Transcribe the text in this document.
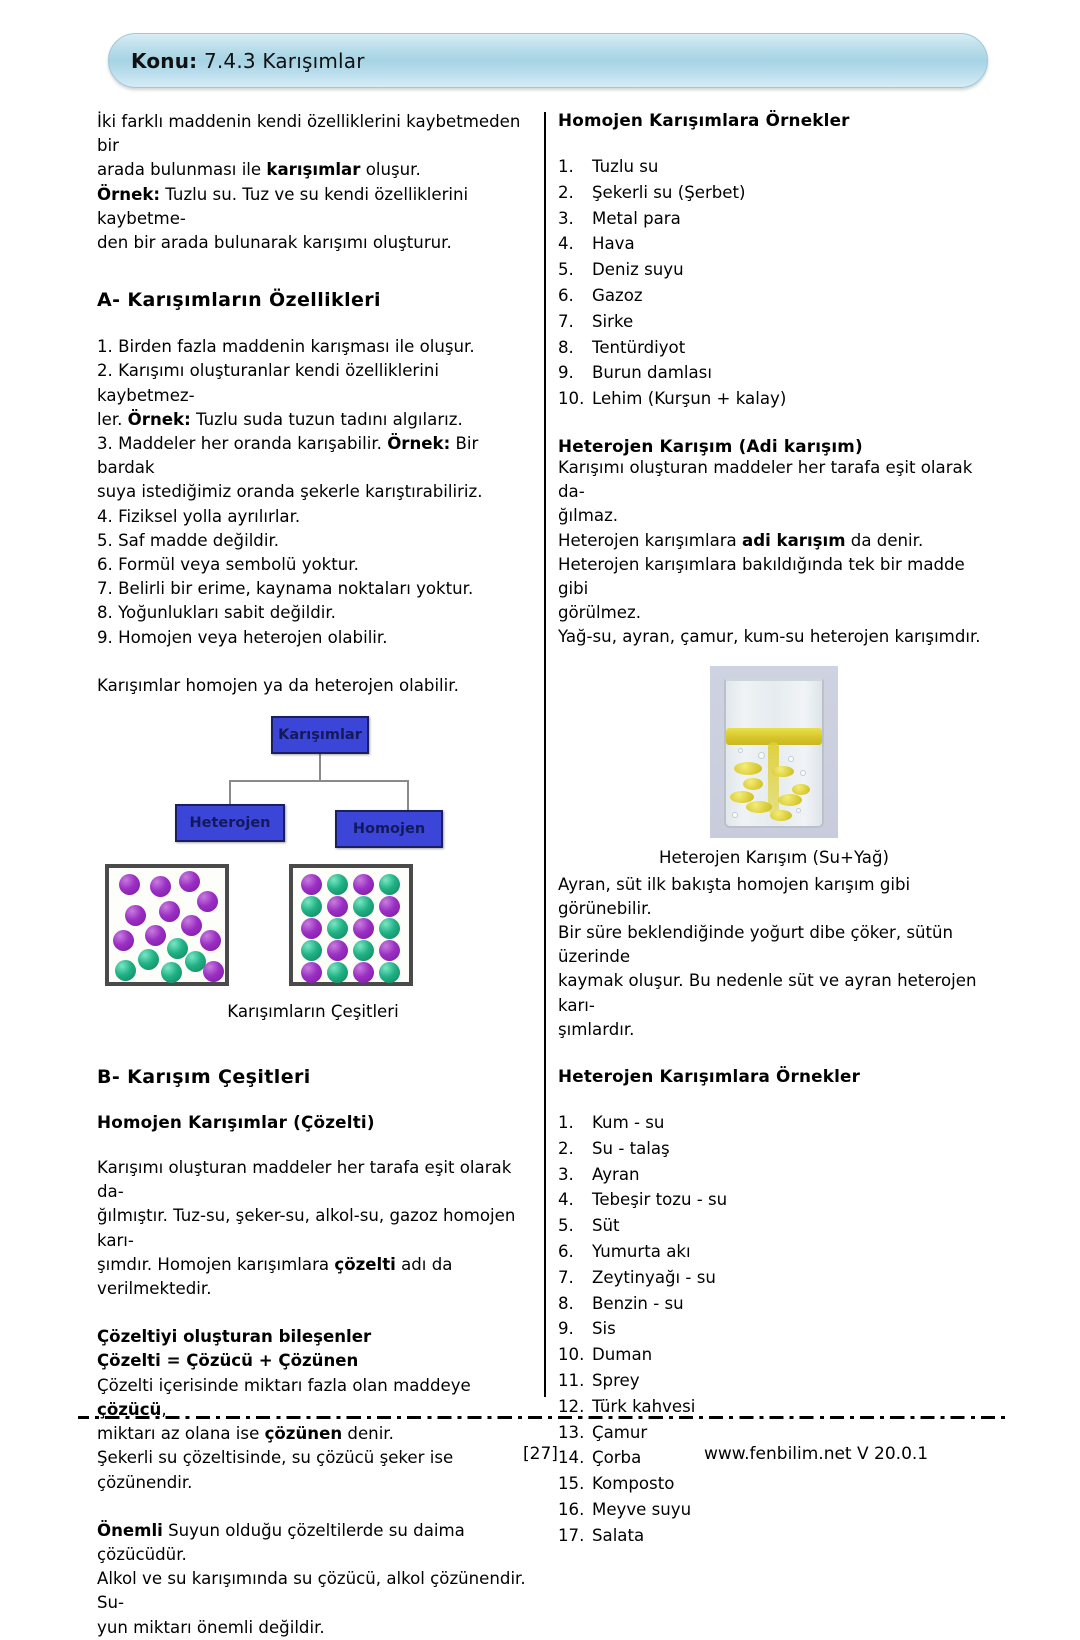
Konu: 7.4.3 Karışımlar
İki farklı maddenin kendi özelliklerini kaybetmeden bir
arada bulunması ile karışımlar oluşur.
Örnek: Tuzlu su. Tuz ve su kendi özelliklerini kaybetme-
den bir arada bulunarak karışımı oluşturur.
A- Karışımların Özellikleri
1. Birden fazla maddenin karışması ile oluşur.
2. Karışımı oluşturanlar kendi özelliklerini kaybetmez-
ler. Örnek: Tuzlu suda tuzun tadını algılarız.
3. Maddeler her oranda karışabilir. Örnek: Bir bardak
suya istediğimiz oranda şekerle karıştırabiliriz.
4. Fiziksel yolla ayrılırlar.
5. Saf madde değildir.
6. Formül veya sembolü yoktur.
7. Belirli bir erime, kaynama noktaları yoktur.
8. Yoğunlukları sabit değildir.
9. Homojen veya heterojen olabilir.
Karışımlar homojen ya da heterojen olabilir.
Karışımlar
Heterojen	Homojen
Karışımların Çeşitleri
B- Karışım Çeşitleri
Homojen Karışımlar (Çözelti)
Karışımı oluşturan maddeler her tarafa eşit olarak da-
ğılmıştır. Tuz-su, şeker-su, alkol-su, gazoz homojen karı-
şımdır. Homojen karışımlara çözelti adı da verilmektedir.
Çözeltiyi oluşturan bileşenler
Çözelti = Çözücü + Çözünen
Çözelti içerisinde miktarı fazla olan maddeye çözücü,
miktarı az olana ise çözünen denir.
Şekerli su çözeltisinde, su çözücü şeker ise çözünendir.
Önemli Suyun olduğu çözeltilerde su daima çözücüdür.
Alkol ve su karışımında su çözücü, alkol çözünendir. Su-
yun miktarı önemli değildir.
Homojen Karışımlara Örnekler
1.	Tuzlu su
2.	Şekerli su (Şerbet)
3.	Metal para
4.	Hava
5.	Deniz suyu
6.	Gazoz
7.	Sirke
8.	Tentürdiyot
9.	Burun damlası
10. Lehim (Kurşun + kalay)
Heterojen Karışım (Adi karışım)
Karışımı oluşturan maddeler her tarafa eşit olarak da-
ğılmaz.
Heterojen karışımlara adi karışım da denir.
Heterojen karışımlara bakıldığında tek bir madde gibi
görülmez.
Yağ-su, ayran, çamur, kum-su heterojen karışımdır.
Heterojen Karışım (Su+Yağ)
Ayran, süt ilk bakışta homojen karışım gibi görünebilir.
Bir süre beklendiğinde yoğurt dibe çöker, sütün üzerinde
kaymak oluşur. Bu nedenle süt ve ayran heterojen karı-
şımlardır.
Heterojen Karışımlara Örnekler
1.	Kum - su
2.	Su - talaş
3.	Ayran
4.	Tebeşir tozu - su
5.	Süt
6.	Yumurta akı
7.	Zeytinyağı - su
8.	Benzin - su
9.	Sis
10. Duman
11. Sprey
12. Türk kahvesi
13. Çamur
14. Çorba
15. Komposto
16. Meyve suyu
17. Salata
[27]	www.fenbilim.net V 20.0.1
